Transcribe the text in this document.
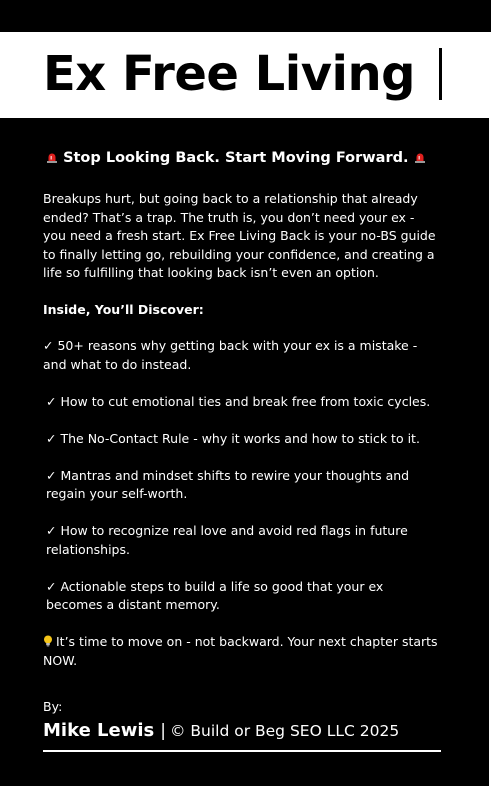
Ex Free Living
Stop Looking Back. Start Moving Forward.

Breakups hurt, but going back to a relationship that already ended? That’s a trap. The truth is, you don’t need your ex - you need a fresh start. Ex Free Living Back is your no-BS guide to finally letting go, rebuilding your confidence, and creating a life so fulfilling that looking back isn’t even an option.

Inside, You’ll Discover:

✓ 50+ reasons why getting back with your ex is a mistake -and what to do instead.

✓ How to cut emotional ties and break free from toxic cycles.

✓ The No-Contact Rule - why it works and how to stick to it.

✓ Mantras and mindset shifts to rewire your thoughts and regain your self-worth.

✓ How to recognize real love and avoid red flags in future relationships.

✓ Actionable steps to build a life so good that your ex becomes a distant memory.

It’s time to move on - not backward. Your next chapter starts NOW.

By:

Mike Lewis | © Build or Beg SEO LLC 2025
